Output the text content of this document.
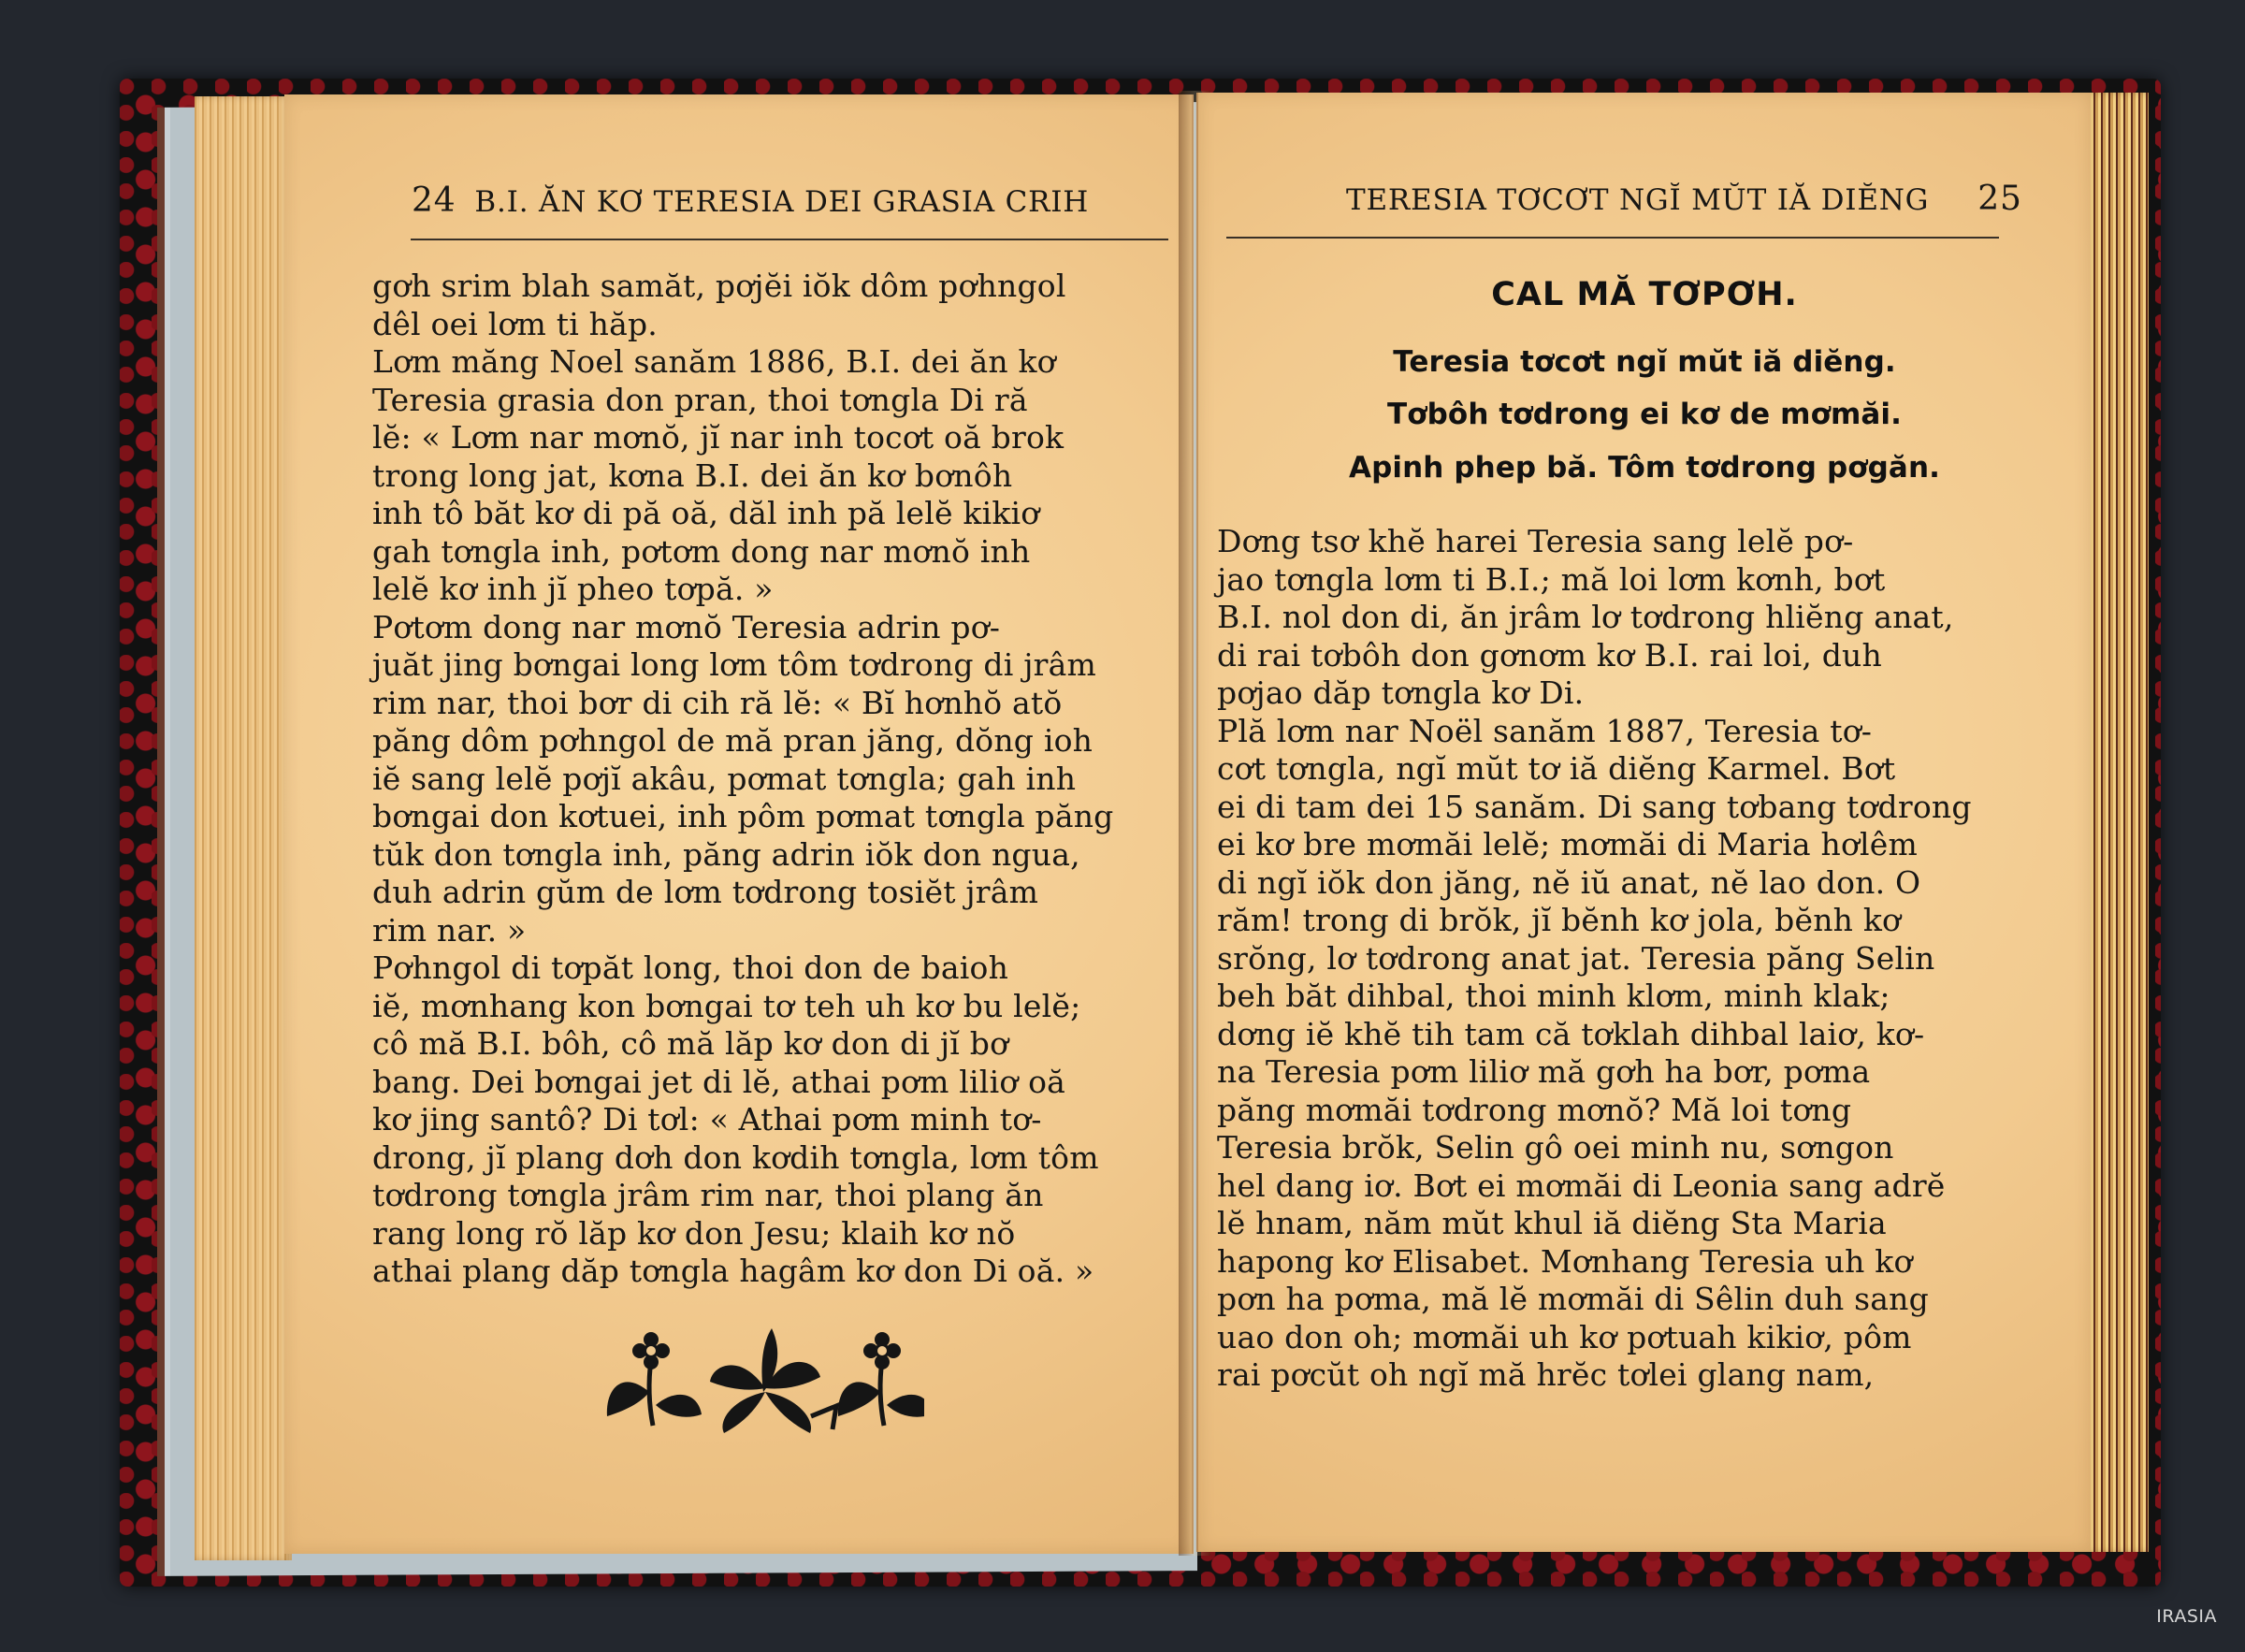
24 B.I. ĂN KƠ TERESIA DEI GRASIA CRIH
gơh srim blah samăt, pơjĕi iŏk dôm pơhngol
dêl oei lơm ti hăp.
Lơm măng Noel sanăm 1886, B.I. dei ăn kơ
Teresia grasia don pran, thoi tơngla Di ră
lĕ: « Lơm nar mơnŏ, jĭ nar inh tocơt oă brok
trong long jat, kơna B.I. dei ăn kơ bơnôh
inh tô băt kơ di pă oă, dăl inh pă lelĕ kikiơ
gah tơngla inh, pơtơm dong nar mơnŏ inh
lelĕ kơ inh jĭ pheo tơpă. »
Pơtơm dong nar mơnŏ Teresia adrin pơ-
juăt jing bơngai long lơm tôm tơdrong di jrâm
rim nar, thoi bơr di cih ră lĕ: « Bĭ hơnhŏ atŏ
păng dôm pơhngol de mă pran jăng, dŏng ioh
iĕ sang lelĕ pơjĭ akâu, pơmat tơngla; gah inh
bơngai don kơtuei, inh pôm pơmat tơngla păng
tŭk don tơngla inh, păng adrin iŏk don ngua,
duh adrin gŭm de lơm tơdrong tosiĕt jrâm
rim nar. »
Pơhngol di tơpăt long, thoi don de baioh
iĕ, mơnhang kon bơngai tơ teh uh kơ bu lelĕ;
cô mă B.I. bôh, cô mă lăp kơ don di jĭ bơ
bang. Dei bơngai jet di lĕ, athai pơm liliơ oă
kơ jing santô? Di tơl: « Athai pơm minh tơ-
drong, jĭ plang dơh don kơdih tơngla, lơm tôm
tơdrong tơngla jrâm rim nar, thoi plang ăn
rang long rŏ lăp kơ don Jesu; klaih kơ nŏ
athai plang dăp tơngla hagâm kơ don Di oă. »
TERESIA TƠCƠT NGĬ MŬT IĂ DIĔNG 25
CAL MĂ TƠPƠH.
Teresia tơcơt ngĭ mŭt iă diĕng.
Tơbôh tơdrong ei kơ de mơmăi.
Apinh phep bă. Tôm tơdrong pơgăn.
Dơng tsơ khĕ harei Teresia sang lelĕ pơ-
jao tơngla lơm ti B.I.; mă loi lơm kơnh, bơt
B.I. nol don di, ăn jrâm lơ tơdrong hliĕng anat,
di rai tơbôh don gơnơm kơ B.I. rai loi, duh
pơjao dăp tơngla kơ Di.
Plă lơm nar Noël sanăm 1887, Teresia tơ-
cơt tơngla, ngĭ mŭt tơ iă diĕng Karmel. Bơt
ei di tam dei 15 sanăm. Di sang tơbang tơdrong
ei kơ bre mơmăi lelĕ; mơmăi di Maria hơlêm
di ngĭ iŏk don jăng, nĕ iŭ anat, nĕ lao don. O
răm! trong di brŏk, jĭ bĕnh kơ jola, bĕnh kơ
srŏng, lơ tơdrong anat jat. Teresia păng Selin
beh băt dihbal, thoi minh klơm, minh klak;
dơng iĕ khĕ tih tam că tơklah dihbal laiơ, kơ-
na Teresia pơm liliơ mă gơh ha bơr, pơma
păng mơmăi tơdrong mơnŏ? Mă loi tơng
Teresia brŏk, Selin gô oei minh nu, sơngon
hel dang iơ. Bơt ei mơmăi di Leonia sang adrĕ
lĕ hnam, năm mŭt khul iă diĕng Sta Maria
hapong kơ Elisabet. Mơnhang Teresia uh kơ
pơn ha pơma, mă lĕ mơmăi di Sêlin duh sang
uao don oh; mơmăi uh kơ pơtuah kikiơ, pôm
rai pơcŭt oh ngĭ mă hrĕc tơlei glang nam,
IRASIA
